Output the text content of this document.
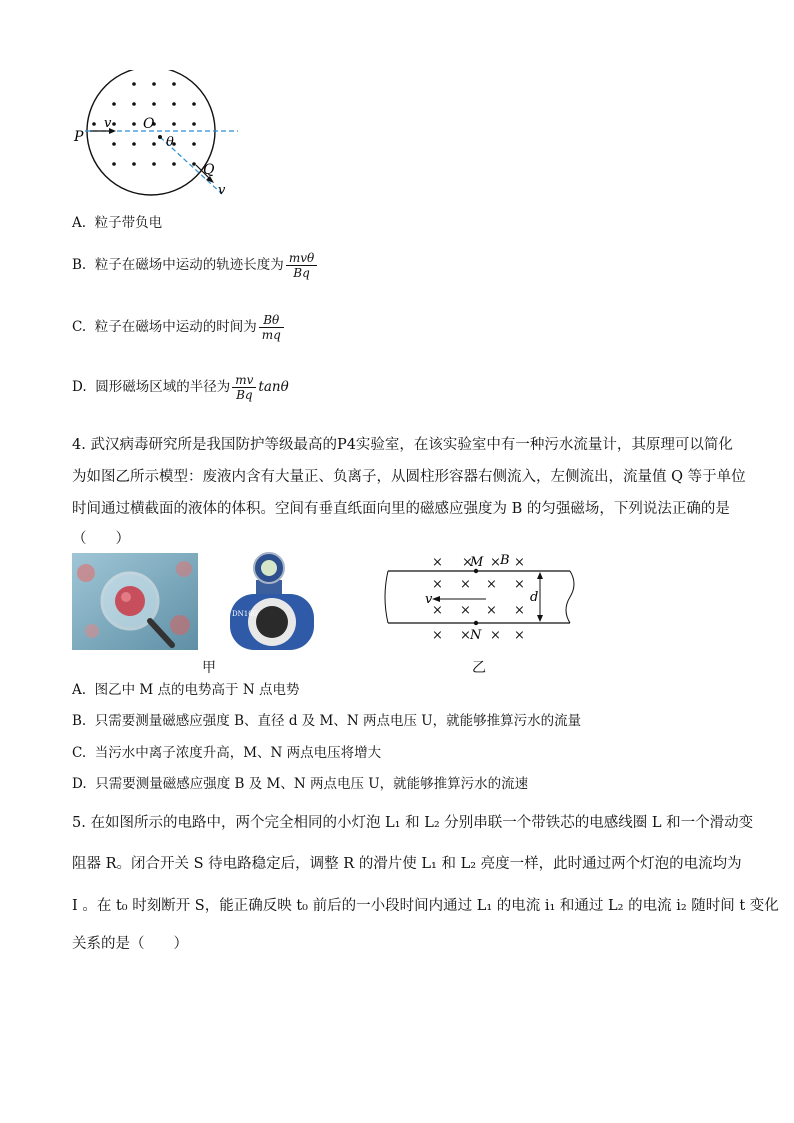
P
v O
θ
Q
v
A. 粒子带负电
B. 粒子在磁场中运动的轨迹长度为 $\frac{\text{mvθ}}{Bq}$
C. 粒子在磁场中运动的时间为 $\frac{B\theta}{mq}$
D. 圆形磁场区域的半径为 $\frac{mv}{Bq}$ tanθ
4. 武汉病毒研究所是我国防护等级最高的P4实验室，在该实验室中有一种污水流量计，其原理可以简化
为如图乙所示模型：废液内含有大量正、负离子，从圆柱形容器右侧流入，左侧流出，流量值 Q 等于单位
时间通过横截面的液体的体积。空间有垂直纸面向里的磁感应强度为 B 的匀强磁场，下列说法正确的是
（　　）
DN100
甲
× × × ×
× × × ×
× × × ×
× × × ×
M B
v	d
N
乙
A. 图乙中 M 点的电势高于 N 点电势
B. 只需要测量磁感应强度 B、直径 d 及 M、N 两点电压 U，就能够推算污水的流量
C. 当污水中离子浓度升高，M、N 两点电压将增大
D. 只需要测量磁感应强度 B 及 M、N 两点电压 U，就能够推算污水的流速
5. 在如图所示的电路中，两个完全相同的小灯泡 L₁ 和 L₂ 分别串联一个带铁芯的电感线圈 L 和一个滑动变
阻器 R。闭合开关 S 待电路稳定后，调整 R 的滑片使 L₁ 和 L₂ 亮度一样，此时通过两个灯泡的电流均为
I 。在 t₀ 时刻断开 S，能正确反映 t₀ 前后的一小段时间内通过 L₁ 的电流 i₁ 和通过 L₂ 的电流 i₂ 随时间 t 变化
关系的是（　　）
